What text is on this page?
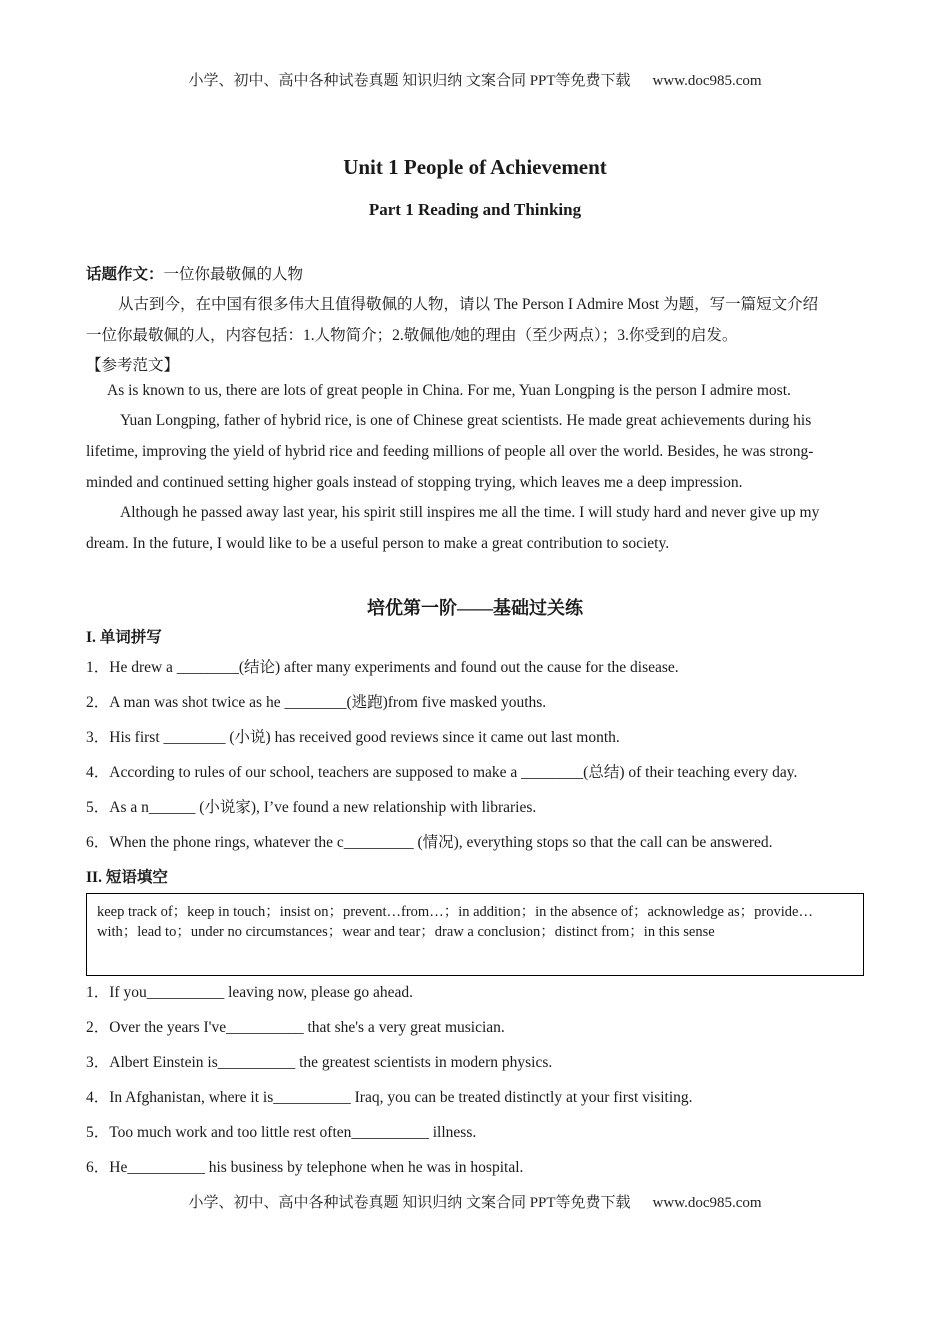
小学、初中、高中各种试卷真题 知识归纳 文案合同 PPT等免费下载 www.doc985.com
Unit 1 People of Achievement
Part 1 Reading and Thinking
话题作文：一位你最敬佩的人物
从古到今，在中国有很多伟大且值得敬佩的人物，请以 The Person I Admire Most 为题，写一篇短文介绍
一位你最敬佩的人，内容包括：1.人物简介；2.敬佩他/她的理由（至少两点）；3.你受到的启发。
【参考范文】
As is known to us, there are lots of great people in China. For me, Yuan Longping is the person I admire most.
Yuan Longping, father of hybrid rice, is one of Chinese great scientists. He made great achievements during his
lifetime, improving the yield of hybrid rice and feeding millions of people all over the world. Besides, he was strong-
minded and continued setting higher goals instead of stopping trying, which leaves me a deep impression.
Although he passed away last year, his spirit still inspires me all the time. I will study hard and never give up my
dream. In the future, I would like to be a useful person to make a great contribution to society.
培优第一阶——基础过关练
I. 单词拼写
1．He drew a ________(结论) after many experiments and found out the cause for the disease.
2．A man was shot twice as he ________(逃跑)from five masked youths.
3．His first ________ (小说) has received good reviews since it came out last month.
4．According to rules of our school, teachers are supposed to make a ________(总结) of their teaching every day.
5．As a n______ (小说家), I’ve found a new relationship with libraries.
6．When the phone rings, whatever the c_________ (情况), everything stops so that the call can be answered.
II. 短语填空
keep track of；keep in touch；insist on；prevent…from…；in addition；in the absence of；acknowledge as；provide…with；lead to；under no circumstances；wear and tear；draw a conclusion；distinct from；in this sense
1．If you__________ leaving now, please go ahead.
2．Over the years I've__________ that she's a very great musician.
3．Albert Einstein is__________ the greatest scientists in modern physics.
4．In Afghanistan, where it is__________ Iraq, you can be treated distinctly at your first visiting.
5．Too much work and too little rest often__________ illness.
6．He__________ his business by telephone when he was in hospital.
小学、初中、高中各种试卷真题 知识归纳 文案合同 PPT等免费下载 www.doc985.com
